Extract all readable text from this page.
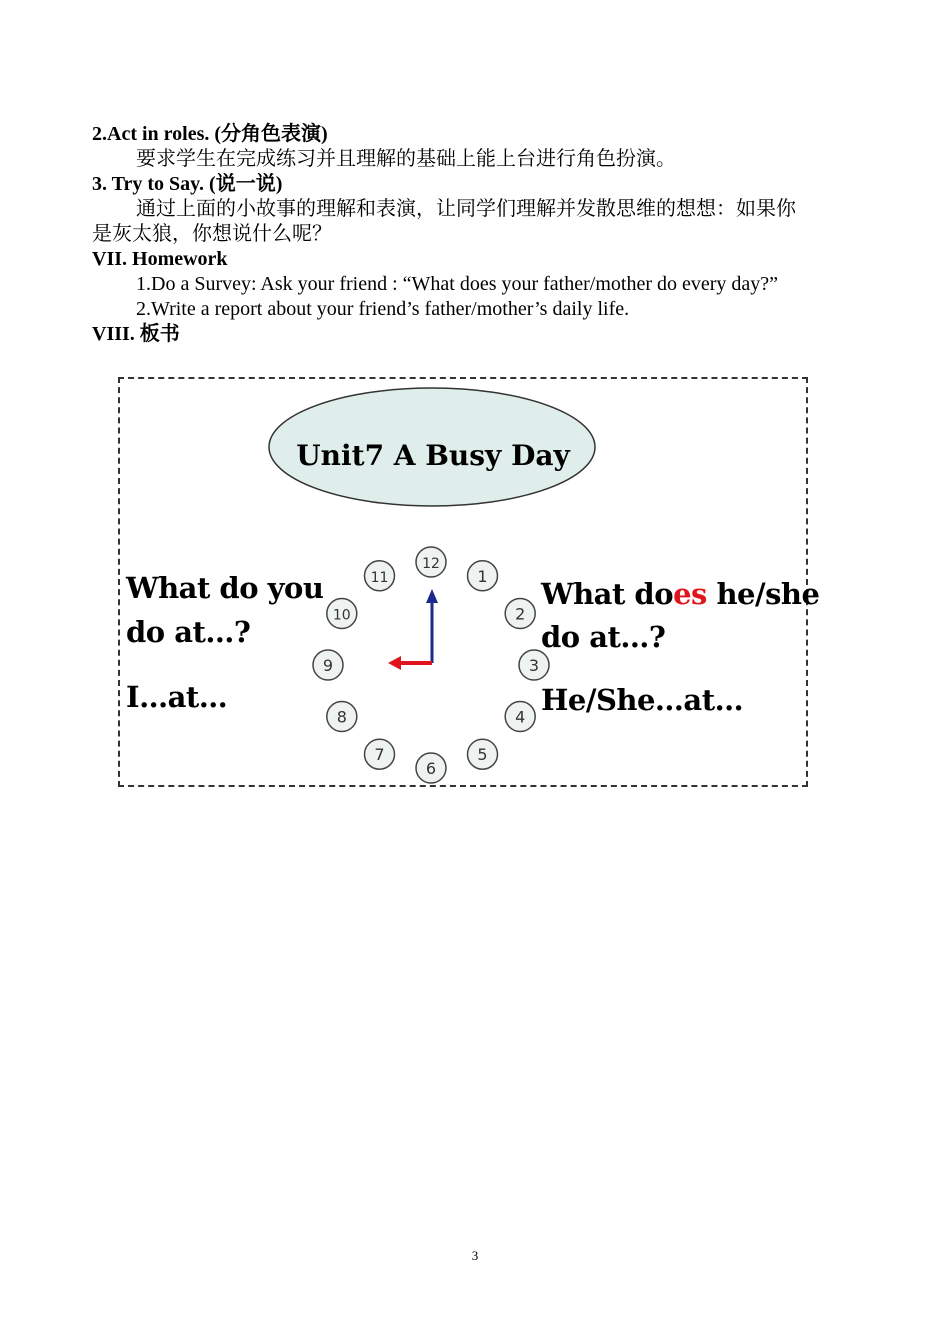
2.Act in roles. (分角色表演)
要求学生在完成练习并且理解的基础上能上台进行角色扮演。
3. Try to Say. (说一说)
通过上面的小故事的理解和表演，让同学们理解并发散思维的想想：如果你
是灰太狼，你想说什么呢？
VII. Homework
1.Do a Survey: Ask your friend : “What does your father/mother do every day?”
2.Write a report about your friend’s father/mother’s daily life.
VIII. 板书
12
1
2
3
4
5
6
7
8
9
10
11
Unit7 A Busy Day
What do you
do at…?
I…at…
What does he/she
do at…?
He/She…at…
3
